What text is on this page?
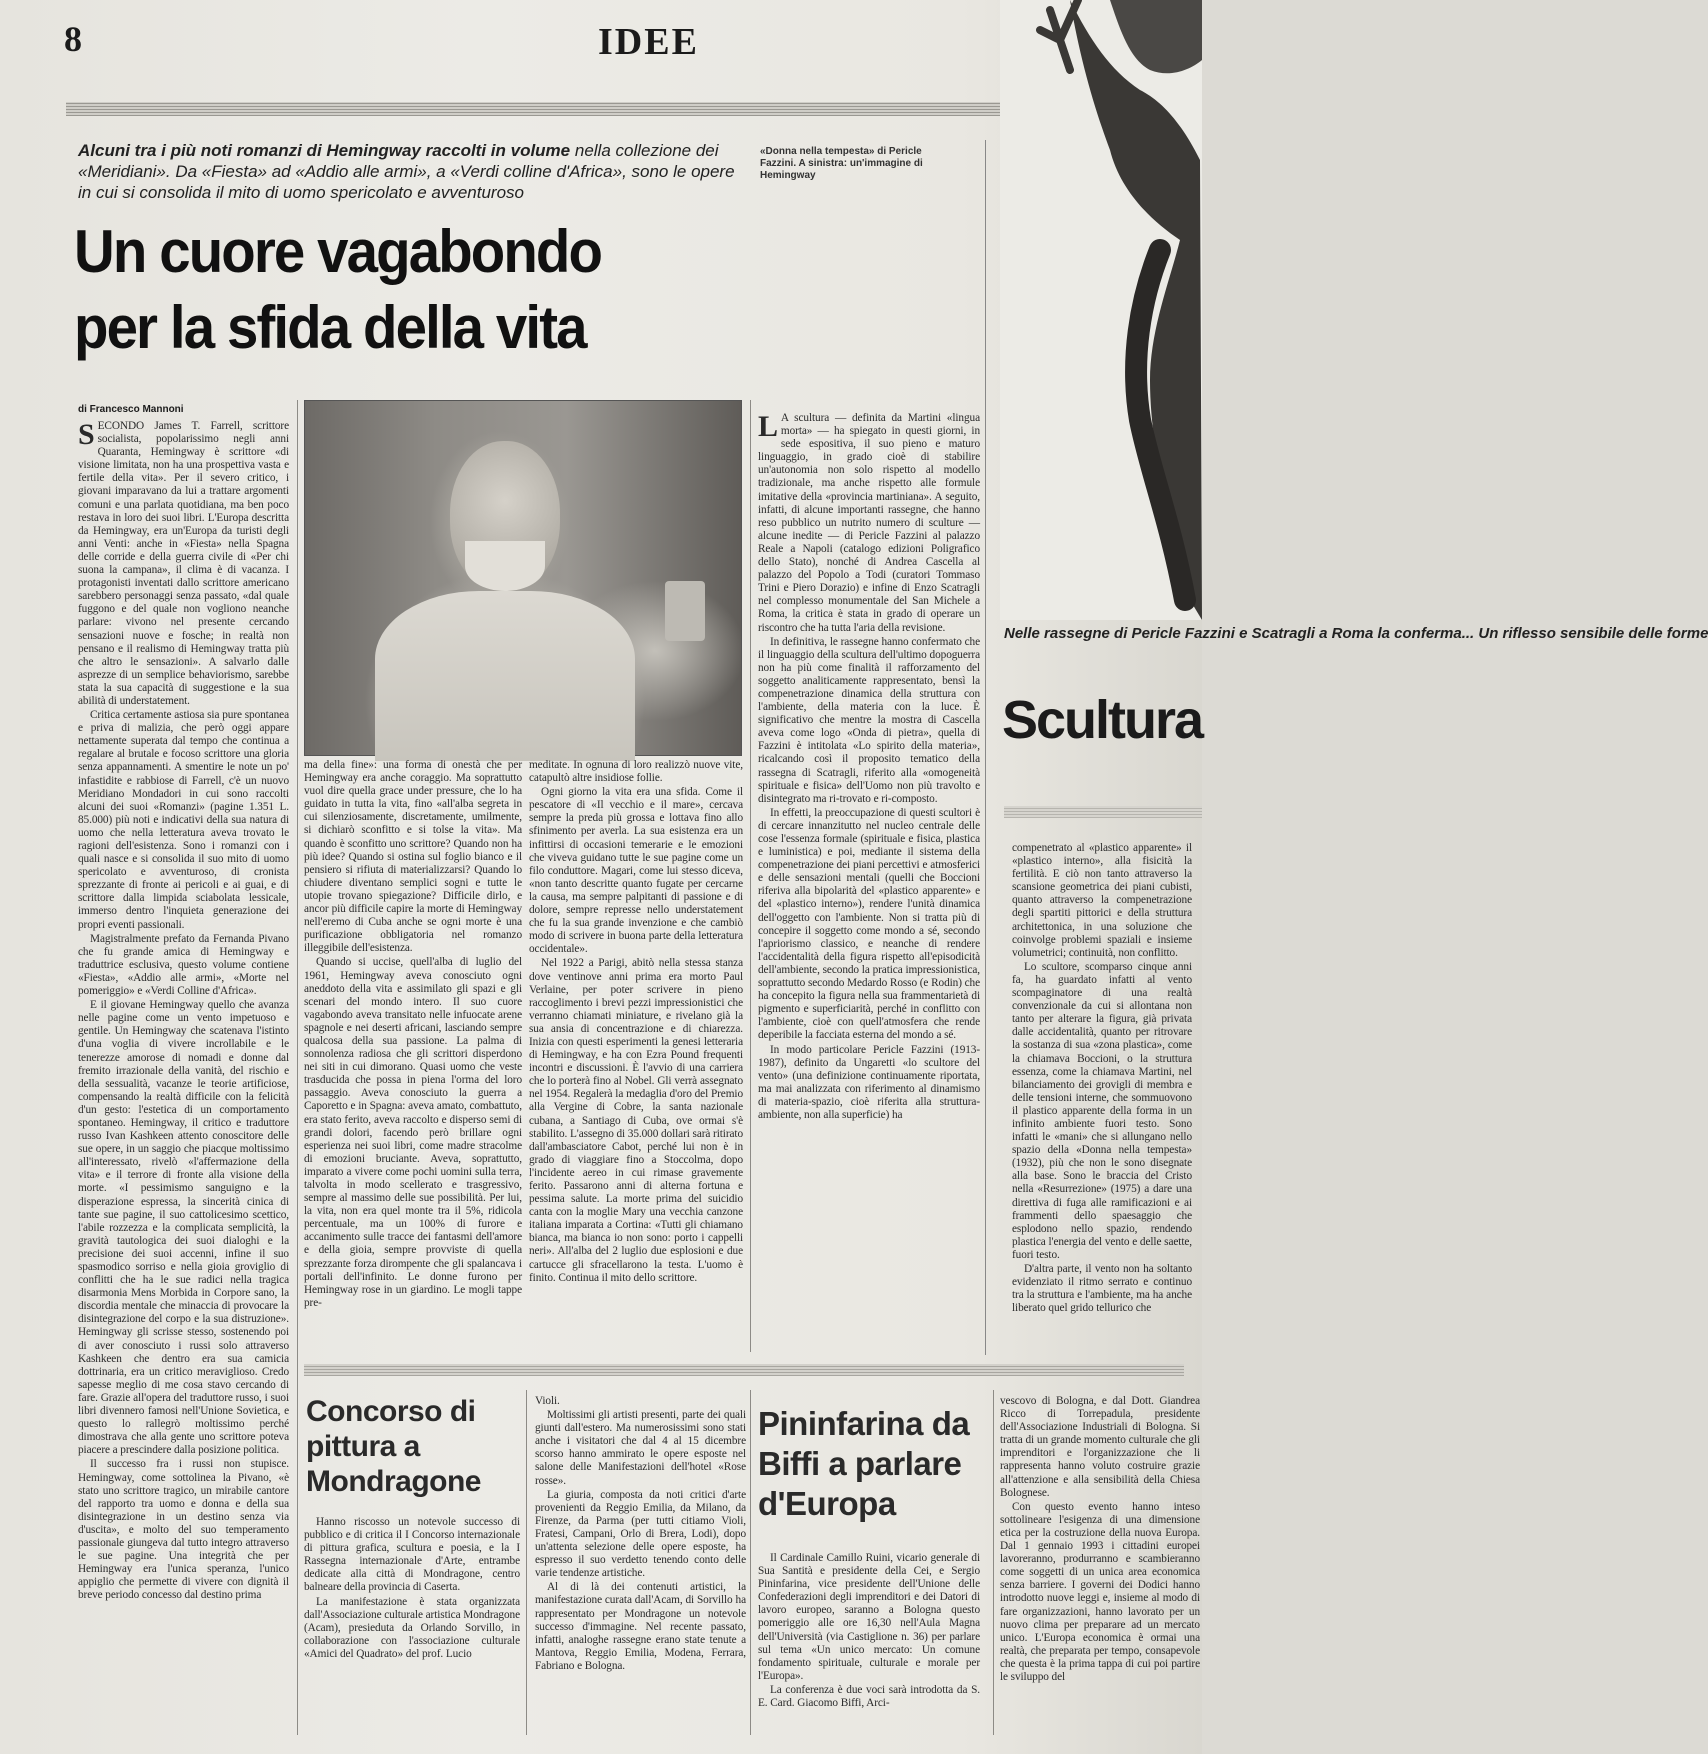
8	IDEE
Alcuni tra i più noti romanzi di Hemingway raccolti in volume nella collezione dei «Meridiani». Da «Fiesta» ad «Addio alle armi», a «Verdi colline d'Africa», sono le opere in cui si consolida il mito di uomo spericolato e avventuroso
«Donna nella tempesta» di Pericle Fazzini. A sinistra: un'immagine di Hemingway
Un cuore vagabondo
per la sfida della vita
di Francesco Mannoni

SECONDO James T. Farrell, scrittore socialista, popolarissimo negli anni Quaranta, Hemingway è scrittore «di visione limitata, non ha una prospettiva vasta e fertile della vita». Per il severo critico, i giovani imparavano da lui a trattare argomenti comuni e una parlata quotidiana, ma ben poco restava in loro dei suoi libri. L'Europa descritta da Hemingway, era un'Europa da turisti degli anni Venti: anche in «Fiesta» nella Spagna delle corride e della guerra civile di «Per chi suona la campana», il clima è di vacanza. I protagonisti inventati dallo scrittore americano sarebbero personaggi senza passato, «dal quale fuggono e del quale non vogliono neanche parlare: vivono nel presente cercando sensazioni nuove e fosche; in realtà non pensano e il realismo di Hemingway tratta più che altro le sensazioni». A salvarlo dalle asprezze di un semplice behaviorismo, sarebbe stata la sua capacità di suggestione e la sua abilità di understatement.

Critica certamente astiosa sia pure spontanea e priva di malizia, che però oggi appare nettamente superata dal tempo che continua a regalare al brutale e focoso scrittore una gloria senza appannamenti. A smentire le note un po' infastidite e rabbiose di Farrell, c'è un nuovo Meridiano Mondadori in cui sono raccolti alcuni dei suoi «Romanzi» (pagine 1.351 L. 85.000) più noti e indicativi della sua natura di uomo che nella letteratura aveva trovato le ragioni dell'esistenza. Sono i romanzi con i quali nasce e si consolida il suo mito di uomo spericolato e avventuroso, di cronista sprezzante di fronte ai pericoli e ai guai, e di scrittore dalla limpida sciabolata lessicale, immerso dentro l'inquieta generazione dei propri eventi passionali.

Magistralmente prefato da Fernanda Pivano che fu grande amica di Hemingway e traduttrice esclusiva, questo volume contiene «Fiesta», «Addio alle armi», «Morte nel pomeriggio» e «Verdi Colline d'Africa».

E il giovane Hemingway quello che avanza nelle pagine come un vento impetuoso e gentile. Un Hemingway che scatenava l'istinto d'una voglia di vivere incrollabile e le tenerezze amorose di nomadi e donne dal fremito irrazionale della vanità, del rischio e della sessualità, vacanze le teorie artificiose, compensando la realtà difficile con la felicità d'un gesto: l'estetica di un comportamento spontaneo. Hemingway, il critico e traduttore russo Ivan Kashkeen attento conoscitore delle sue opere, in un saggio che piacque moltissimo all'interessato, rivelò «l'affermazione della vita» e il terrore di fronte alla visione della morte. «I pessimismo sanguigno e la disperazione espressa, la sincerità cinica di tante sue pagine, il suo cattolicesimo scettico, l'abile rozzezza e la complicata semplicità, la gravità tautologica dei suoi dialoghi e la precisione dei suoi accenni, infine il suo spasmodico sorriso e nella gioia groviglio di conflitti che ha le sue radici nella tragica disarmonia Mens Morbida in Corpore sano, la discordia mentale che minaccia di provocare la disintegrazione del corpo e la sua distruzione». Hemingway gli scrisse stesso, sostenendo poi di aver conosciuto i russi solo attraverso Kashkeen che dentro era sua camicia dottrinaria, era un critico meraviglioso. Credo sapesse meglio di me cosa stavo cercando di fare. Grazie all'opera del traduttore russo, i suoi libri divennero famosi nell'Unione Sovietica, e questo lo rallegrò moltissimo perché dimostrava che alla gente uno scrittore poteva piacere a prescindere dalla posizione politica.

Il successo fra i russi non stupisce. Hemingway, come sottolinea la Pivano, «è stato uno scrittore tragico, un mirabile cantore del rapporto tra uomo e donna e della sua disintegrazione in un destino senza via d'uscita», e molto del suo temperamento passionale giungeva dal tutto integro attraverso le sue pagine. Una integrità che per Hemingway era l'unica speranza, l'unico appiglio che permette di vivere con dignità il breve periodo concesso dal destino prima

ma della fine»: una forma di onestà che per Hemingway era anche coraggio. Ma soprattutto vuol dire quella grace under pressure, che lo ha guidato in tutta la vita, fino «all'alba segreta in cui silenziosamente, discretamente, umilmente, si dichiarò sconfitto e si tolse la vita». Ma quando è sconfitto uno scrittore? Quando non ha più idee? Quando si ostina sul foglio bianco e il pensiero si rifiuta di materializzarsi? Quando lo chiudere diventano semplici sogni e tutte le utopie trovano spiegazione? Difficile dirlo, e ancor più difficile capire la morte di Hemingway nell'eremo di Cuba anche se ogni morte è una purificazione obbligatoria nel romanzo illeggibile dell'esistenza.

Quando si uccise, quell'alba di luglio del 1961, Hemingway aveva conosciuto ogni aneddoto della vita e assimilato gli spazi e gli scenari del mondo intero. Il suo cuore vagabondo aveva transitato nelle infuocate arene spagnole e nei deserti africani, lasciando sempre qualcosa della sua passione. La palma di sonnolenza radiosa che gli scrittori disperdono nei siti in cui dimorano. Quasi uomo che veste trasducida che possa in piena l'orma del loro passaggio. Aveva conosciuto la guerra a Caporetto e in Spagna: aveva amato, combattuto, era stato ferito, aveva raccolto e disperso semi di grandi dolori, facendo però brillare ogni esperienza nei suoi libri, come madre stracolme di emozioni bruciante. Aveva, soprattutto, imparato a vivere come pochi uomini sulla terra, talvolta in modo scellerato e trasgressivo, sempre al massimo delle sue possibilità. Per lui, la vita, non era quel monte tra il 5%, ridicola percentuale, ma un 100% di furore e accanimento sulle tracce dei fantasmi dell'amore e della gioia, sempre provviste di quella sprezzante forza dirompente che gli spalancava i portali dell'infinito. Le donne furono per Hemingway rose in un giardino. Le mogli tappe pre-

meditate. In ognuna di loro realizzò nuove vite, catapultò altre insidiose follie.

Ogni giorno la vita era una sfida. Come il pescatore di «Il vecchio e il mare», cercava sempre la preda più grossa e lottava fino allo sfinimento per averla. La sua esistenza era un infittirsi di occasioni temerarie e le emozioni che viveva guidano tutte le sue pagine come un filo conduttore. Magari, come lui stesso diceva, «non tanto descritte quanto fugate per cercarne la causa, ma sempre palpitanti di passione e di dolore, sempre represse nello understatement che fu la sua grande invenzione e che cambiò modo di scrivere in buona parte della letteratura occidentale».

Nel 1922 a Parigi, abitò nella stessa stanza dove ventinove anni prima era morto Paul Verlaine, per poter scrivere in pieno raccoglimento i brevi pezzi impressionistici che verranno chiamati miniature, e rivelano già la sua ansia di concentrazione e di chiarezza. Inizia con questi esperimenti la genesi letteraria di Hemingway, e ha con Ezra Pound frequenti incontri e discussioni. È l'avvio di una carriera che lo porterà fino al Nobel. Gli verrà assegnato nel 1954. Regalerà la medaglia d'oro del Premio alla Vergine di Cobre, la santa nazionale cubana, a Santiago di Cuba, ove ormai s'è stabilito. L'assegno di 35.000 dollari sarà ritirato dall'ambasciatore Cabot, perché lui non è in grado di viaggiare fino a Stoccolma, dopo l'incidente aereo in cui rimase gravemente ferito. Passarono anni di alterna fortuna e pessima salute. La morte prima del suicidio canta con la moglie Mary una vecchia canzone italiana imparata a Cortina: «Tutti gli chiamano bianca, ma bianca io non sono: porto i cappelli neri». All'alba del 2 luglio due esplosioni e due cartucce gli sfracellarono la testa. L'uomo è finito. Continua il mito dello scrittore.

L A scultura — definita da Martini «lingua morta» — ha spiegato in questi giorni, in sede espositiva, il suo pieno e maturo linguaggio, in grado cioè di stabilire un'autonomia non solo rispetto al modello tradizionale, ma anche rispetto alle formule imitative della «provincia martiniana». A seguito, infatti, di alcune importanti rassegne, che hanno reso pubblico un nutrito numero di sculture — alcune inedite — di Pericle Fazzini al palazzo Reale a Napoli (catalogo edizioni Poligrafico dello Stato), nonché di Andrea Cascella al palazzo del Popolo a Todi (curatori Tommaso Trini e Piero Dorazio) e infine di Enzo Scatragli nel complesso monumentale del San Michele a Roma, la critica è stata in grado di operare un riscontro che ha tutta l'aria della revisione.

In definitiva, le rassegne hanno confermato che il linguaggio della scultura dell'ultimo dopoguerra non ha più come finalità il rafforzamento del soggetto analiticamente rappresentato, bensì la compenetrazione dinamica della struttura con l'ambiente, della materia con la luce. È significativo che mentre la mostra di Cascella aveva come logo «Onda di pietra», quella di Fazzini è intitolata «Lo spirito della materia», ricalcando così il proposito tematico della rassegna di Scatragli, riferito alla «omogeneità spirituale e fisica» dell'Uomo non più travolto e disintegrato ma ri-trovato e ri-composto.

In effetti, la preoccupazione di questi scultori è di cercare innanzitutto nel nucleo centrale delle cose l'essenza formale (spirituale e fisica, plastica e luministica) e poi, mediante il sistema della compenetrazione dei piani percettivi e atmosferici e delle sensazioni mentali (quelli che Boccioni riferiva alla bipolarità del «plastico apparente» e del «plastico interno»), rendere l'unità dinamica dell'oggetto con l'ambiente. Non si tratta più di concepire il soggetto come mondo a sé, secondo l'apriorismo classico, e neanche di rendere l'accidentalità della figura rispetto all'episodicità dell'ambiente, secondo la pratica impressionistica, soprattutto secondo Medardo Rosso (e Rodin) che ha concepito la figura nella sua frammentarietà di pigmento e superficiarità, perché in conflitto con l'ambiente, cioè con quell'atmosfera che rende deperibile la facciata esterna del mondo a sé.

In modo particolare Pericle Fazzini (1913-1987), definito da Ungaretti «lo scultore del vento» (una definizione continuamente riportata, ma mai analizzata con riferimento al dinamismo di materia-spazio, cioè riferita alla struttura-ambiente, non alla superficie) ha

Nelle rassegne di Pericle Fazzini e Scatragli a Roma la conferma... Un riflesso sensibile delle forme
Scultura

compenetrato al «plastico apparente» il «plastico interno», alla fisicità la fertilità. E ciò non tanto attraverso la scansione geometrica dei piani cubisti, quanto attraverso la compenetrazione degli spartiti pittorici e della struttura architettonica, in una soluzione che coinvolge problemi spaziali e insieme volumetrici; continuità, non conflitto.

Lo scultore, scomparso cinque anni fa, ha guardato infatti al vento scompaginatore di una realtà convenzionale da cui si allontana non tanto per alterare la figura, già privata dalle accidentalità, quanto per ritrovare la sostanza di sua «zona plastica», come la chiamava Boccioni, o la struttura essenza, come la chiamava Martini, nel bilanciamento dei grovigli di membra e delle tensioni interne, che sommuovono il plastico apparente della forma in un infinito ambiente fuori testo. Sono infatti le «mani» che si allungano nello spazio della «Donna nella tempesta» (1932), più che non le sono disegnate alla base. Sono le braccia del Cristo nella «Resurrezione» (1975) a dare una direttiva di fuga alle ramificazioni e ai frammenti dello spaesaggio che esplodono nello spazio, rendendo plastica l'energia del vento e delle saette, fuori testo.

D'altra parte, il vento non ha soltanto evidenziato il ritmo serrato e continuo tra la struttura e l'ambiente, ma ha anche liberato quel grido tellurico che

Concorso di pittura a Mondragone

Hanno riscosso un notevole successo di pubblico e di critica il I Concorso internazionale di pittura grafica, scultura e poesia, e la I Rassegna internazionale d'Arte, entrambe dedicate alla città di Mondragone, centro balneare della provincia di Caserta.

La manifestazione è stata organizzata dall'Associazione culturale artistica Mondragone (Acam), presieduta da Orlando Sorvillo, in collaborazione con l'associazione culturale «Amici del Quadrato» del prof. Lucio

Violi.

Moltissimi gli artisti presenti, parte dei quali giunti dall'estero. Ma numerosissimi sono stati anche i visitatori che dal 4 al 15 dicembre scorso hanno ammirato le opere esposte nel salone delle Manifestazioni dell'hotel «Rose rosse».

La giuria, composta da noti critici d'arte provenienti da Reggio Emilia, da Milano, da Firenze, da Parma (per tutti citiamo Violi, Fratesi, Campani, Orlo di Brera, Lodi), dopo un'attenta selezione delle opere esposte, ha espresso il suo verdetto tenendo conto delle varie tendenze artistiche.

Al di là dei contenuti artistici, la manifestazione curata dall'Acam, di Sorvillo ha rappresentato per Mondragone un notevole successo d'immagine. Nel recente passato, infatti, analoghe rassegne erano state tenute a Mantova, Reggio Emilia, Modena, Ferrara, Fabriano e Bologna.

Pininfarina da Biffi a parlare d'Europa

Il Cardinale Camillo Ruini, vicario generale di Sua Santità e presidente della Cei, e Sergio Pininfarina, vice presidente dell'Unione delle Confederazioni degli imprenditori e dei Datori di lavoro europeo, saranno a Bologna questo pomeriggio alle ore 16,30 nell'Aula Magna dell'Università (via Castiglione n. 36) per parlare sul tema «Un unico mercato: Un comune fondamento spirituale, culturale e morale per l'Europa».

La conferenza è due voci sarà introdotta da S. E. Card. Giacomo Biffi, Arci-

vescovo di Bologna, e dal Dott. Giandrea Ricco di Torrepadula, presidente dell'Associazione Industriali di Bologna. Si tratta di un grande momento culturale che gli imprenditori e l'organizzazione che li rappresenta hanno voluto costruire grazie all'attenzione e alla sensibilità della Chiesa Bolognese.

Con questo evento hanno inteso sottolineare l'esigenza di una dimensione etica per la costruzione della nuova Europa. Dal 1 gennaio 1993 i cittadini europei lavoreranno, produrranno e scambieranno come soggetti di un unica area economica senza barriere. I governi dei Dodici hanno introdotto nuove leggi e, insieme al modo di fare organizzazioni, hanno lavorato per un nuovo clima per preparare ad un mercato unico. L'Europa economica è ormai una realtà, che preparata per tempo, consapevole che questa è la prima tappa di cui poi partire le sviluppo del
